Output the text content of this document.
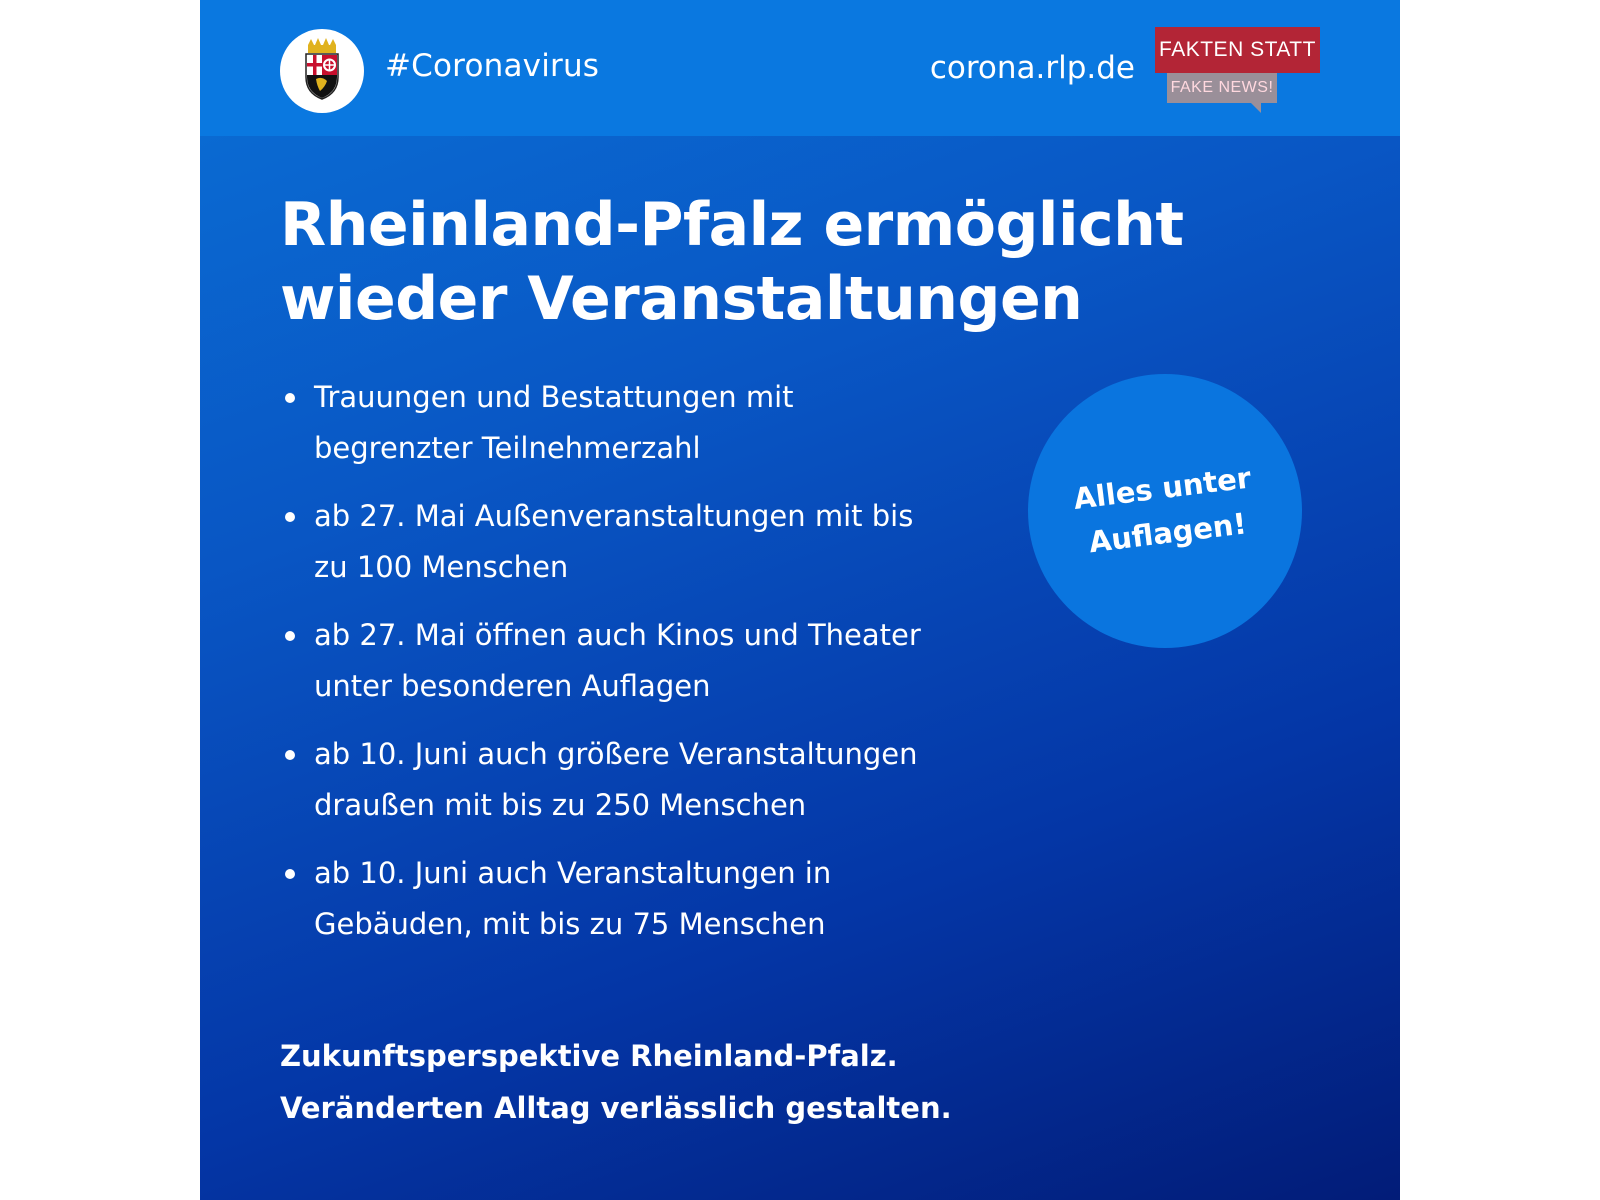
#Coronavirus	corona.rlp.de
FAKTEN STATT
FAKE NEWS!
Rheinland-Pfalz ermöglicht
wieder Veranstaltungen
Trauungen und Bestattungen mit
begrenzter Teilnehmerzahl
ab 27. Mai Außenveranstaltungen mit bis
zu 100 Menschen
ab 27. Mai öffnen auch Kinos und Theater
unter besonderen Auflagen
ab 10. Juni auch größere Veranstaltungen
draußen mit bis zu 250 Menschen
ab 10. Juni auch Veranstaltungen in
Gebäuden, mit bis zu 75 Menschen
Alles unter
Auflagen!
Zukunftsperspektive Rheinland-Pfalz.
Veränderten Alltag verlässlich gestalten.
